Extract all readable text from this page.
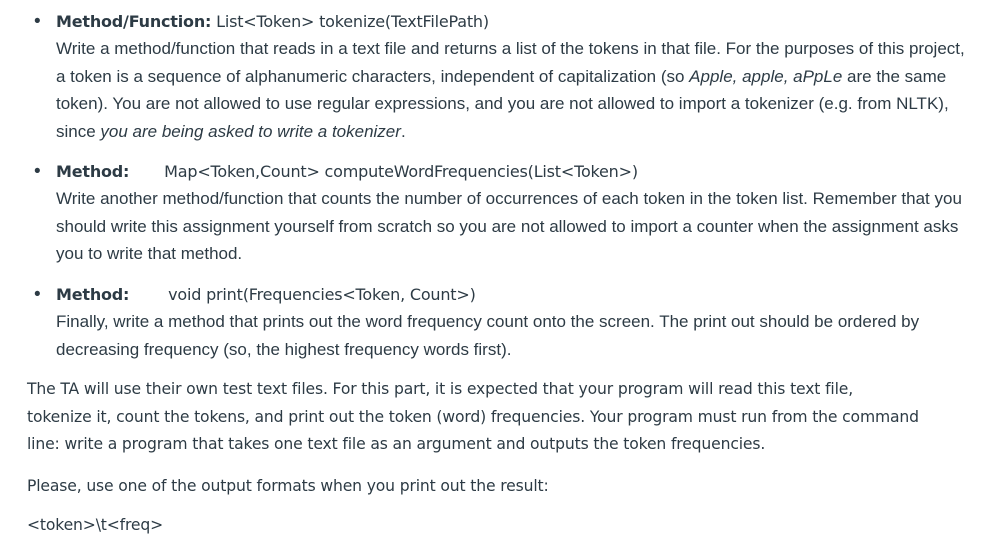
• Method/Function: List<Token> tokenize(TextFilePath)
Write a method/function that reads in a text file and returns a list of the tokens in that file. For the purposes of this project, a token is a sequence of alphanumeric characters, independent of capitalization (so Apple, apple, aPpLe are the same token). You are not allowed to use regular expressions, and you are not allowed to import a tokenizer (e.g. from NLTK), since you are being asked to write a tokenizer.
• Method: Map<Token,Count> computeWordFrequencies(List<Token>)
Write another method/function that counts the number of occurrences of each token in the token list. Remember that you should write this assignment yourself from scratch so you are not allowed to import a counter when the assignment asks you to write that method.
• Method: void print(Frequencies<Token, Count>)
Finally, write a method that prints out the word frequency count onto the screen. The print out should be ordered by decreasing frequency (so, the highest frequency words first).

The TA will use their own test text files. For this part, it is expected that your program will read this text file, tokenize it, count the tokens, and print out the token (word) frequencies. Your program must run from the command line: write a program that takes one text file as an argument and outputs the token frequencies.

Please, use one of the output formats when you print out the result:

<token>\t<freq>
